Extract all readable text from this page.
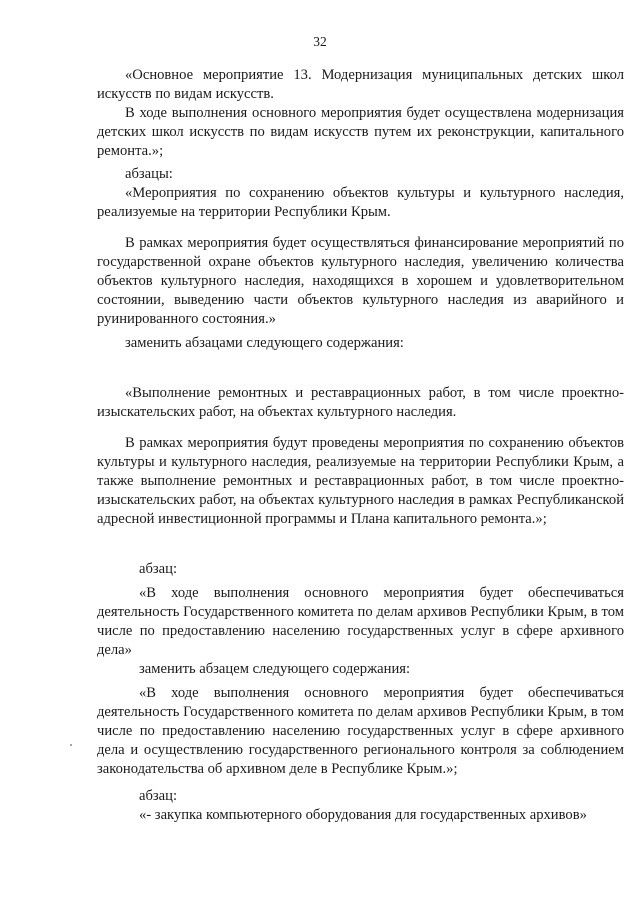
32

«Основное мероприятие 13. Модернизация муниципальных детских школ искусств по видам искусств.

В ходе выполнения основного мероприятия будет осуществлена модернизация детских школ искусств по видам искусств путем их реконструкции, капитального ремонта.»;

абзацы:

«Мероприятия по сохранению объектов культуры и культурного наследия, реализуемые на территории Республики Крым.

В рамках мероприятия будет осуществляться финансирование мероприятий по государственной охране объектов культурного наследия, увеличению количества объектов культурного наследия, находящихся в хорошем и удовлетворительном состоянии, выведению части объектов культурного наследия из аварийного и руинированного состояния.»

заменить абзацами следующего содержания:

«Выполнение ремонтных и реставрационных работ, в том числе проектно-изыскательских работ, на объектах культурного наследия.

В рамках мероприятия будут проведены мероприятия по сохранению объектов культуры и культурного наследия, реализуемые на территории Республики Крым, а также выполнение ремонтных и реставрационных работ, в том числе проектно-изыскательских работ, на объектах культурного наследия в рамках Республиканской адресной инвестиционной программы и Плана капитального ремонта.»;

абзац:

«В ходе выполнения основного мероприятия будет обеспечиваться деятельность Государственного комитета по делам архивов Республики Крым, в том числе по предоставлению населению государственных услуг в сфере архивного дела»

заменить абзацем следующего содержания:

«В ходе выполнения основного мероприятия будет обеспечиваться деятельность Государственного комитета по делам архивов Республики Крым, в том числе по предоставлению населению государственных услуг в сфере архивного дела и осуществлению государственного регионального контроля за соблюдением законодательства об архивном деле в Республике Крым.»;

абзац:

«- закупка компьютерного оборудования для государственных архивов»
